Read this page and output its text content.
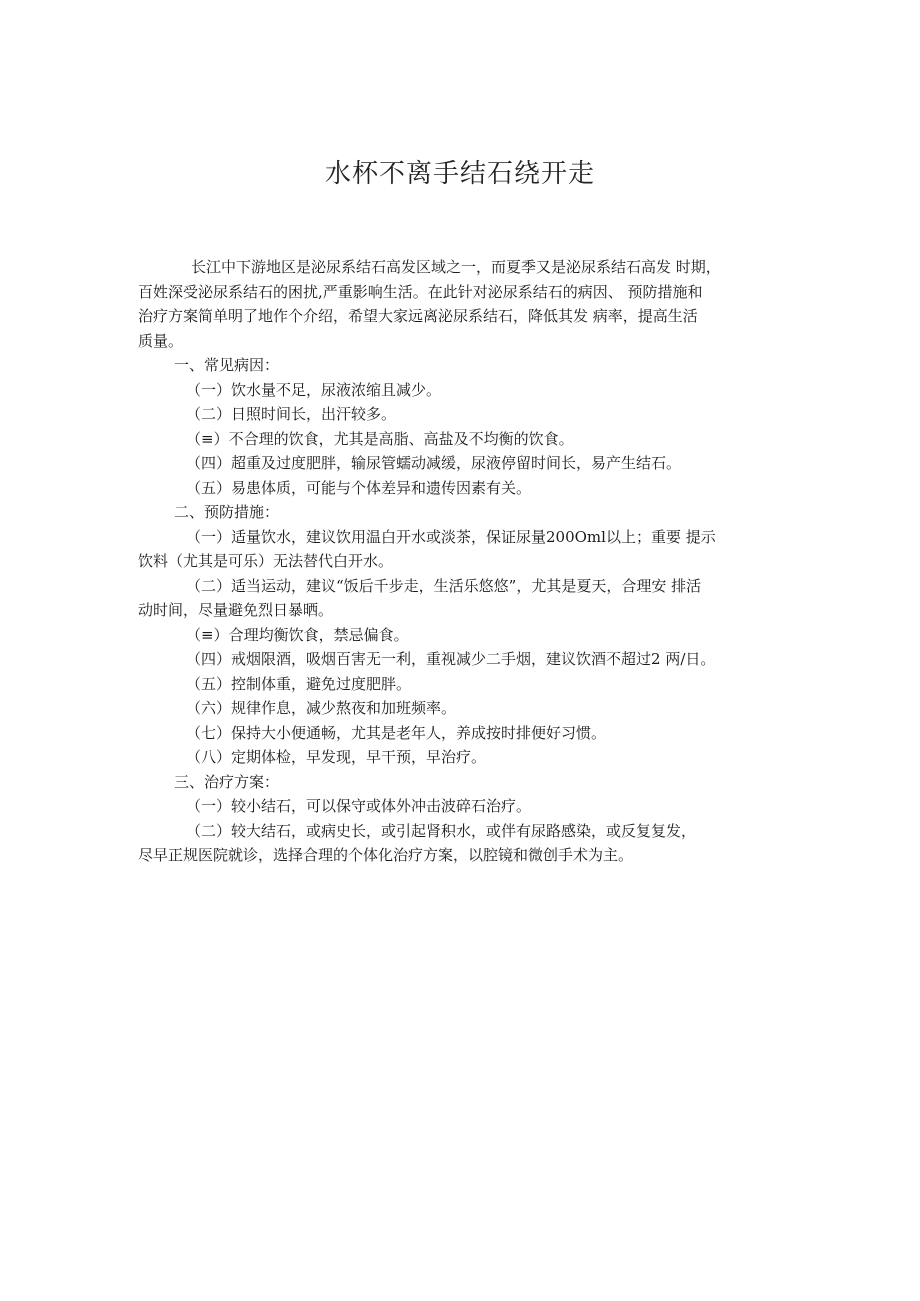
水杯不离手结石绕开走
长江中下游地区是泌尿系结石高发区域之一，而夏季又是泌尿系结石高发 时期，
百姓深受泌尿系结石的困扰,严重影响生活。在此针对泌尿系结石的病因、 预防措施和
治疗方案简单明了地作个介绍，希望大家远离泌尿系结石，降低其发 病率，提高生活
质量。
一、常见病因：
（一）饮水量不足，尿液浓缩且减少。
（二）日照时间长，出汗较多。
（≡）不合理的饮食，尤其是高脂、高盐及不均衡的饮食。
（四）超重及过度肥胖，输尿管蠕动减缓，尿液停留时间长，易产生结石。
（五）易患体质，可能与个体差异和遗传因素有关。
二、预防措施：
（一）适量饮水，建议饮用温白开水或淡茶，保证尿量200Oml以上；重要 提示
饮料（尤其是可乐）无法替代白开水。
（二）适当运动，建议“饭后千步走，生活乐悠悠”，尤其是夏天，合理安 排活
动时间，尽量避免烈日暴晒。
（≡）合理均衡饮食，禁忌偏食。
（四）戒烟限酒，吸烟百害无一利，重视减少二手烟，建议饮酒不超过2 两/日。
（五）控制体重，避免过度肥胖。
（六）规律作息，减少熬夜和加班频率。
（七）保持大小便通畅，尤其是老年人，养成按时排便好习惯。
（八）定期体检，早发现，早干预，早治疗。
三、治疗方案：
（一）较小结石，可以保守或体外冲击波碎石治疗。
（二）较大结石，或病史长，或引起肾积水，或伴有尿路感染，或反复复发，
尽早正规医院就诊，选择合理的个体化治疗方案，以腔镜和微创手术为主。
